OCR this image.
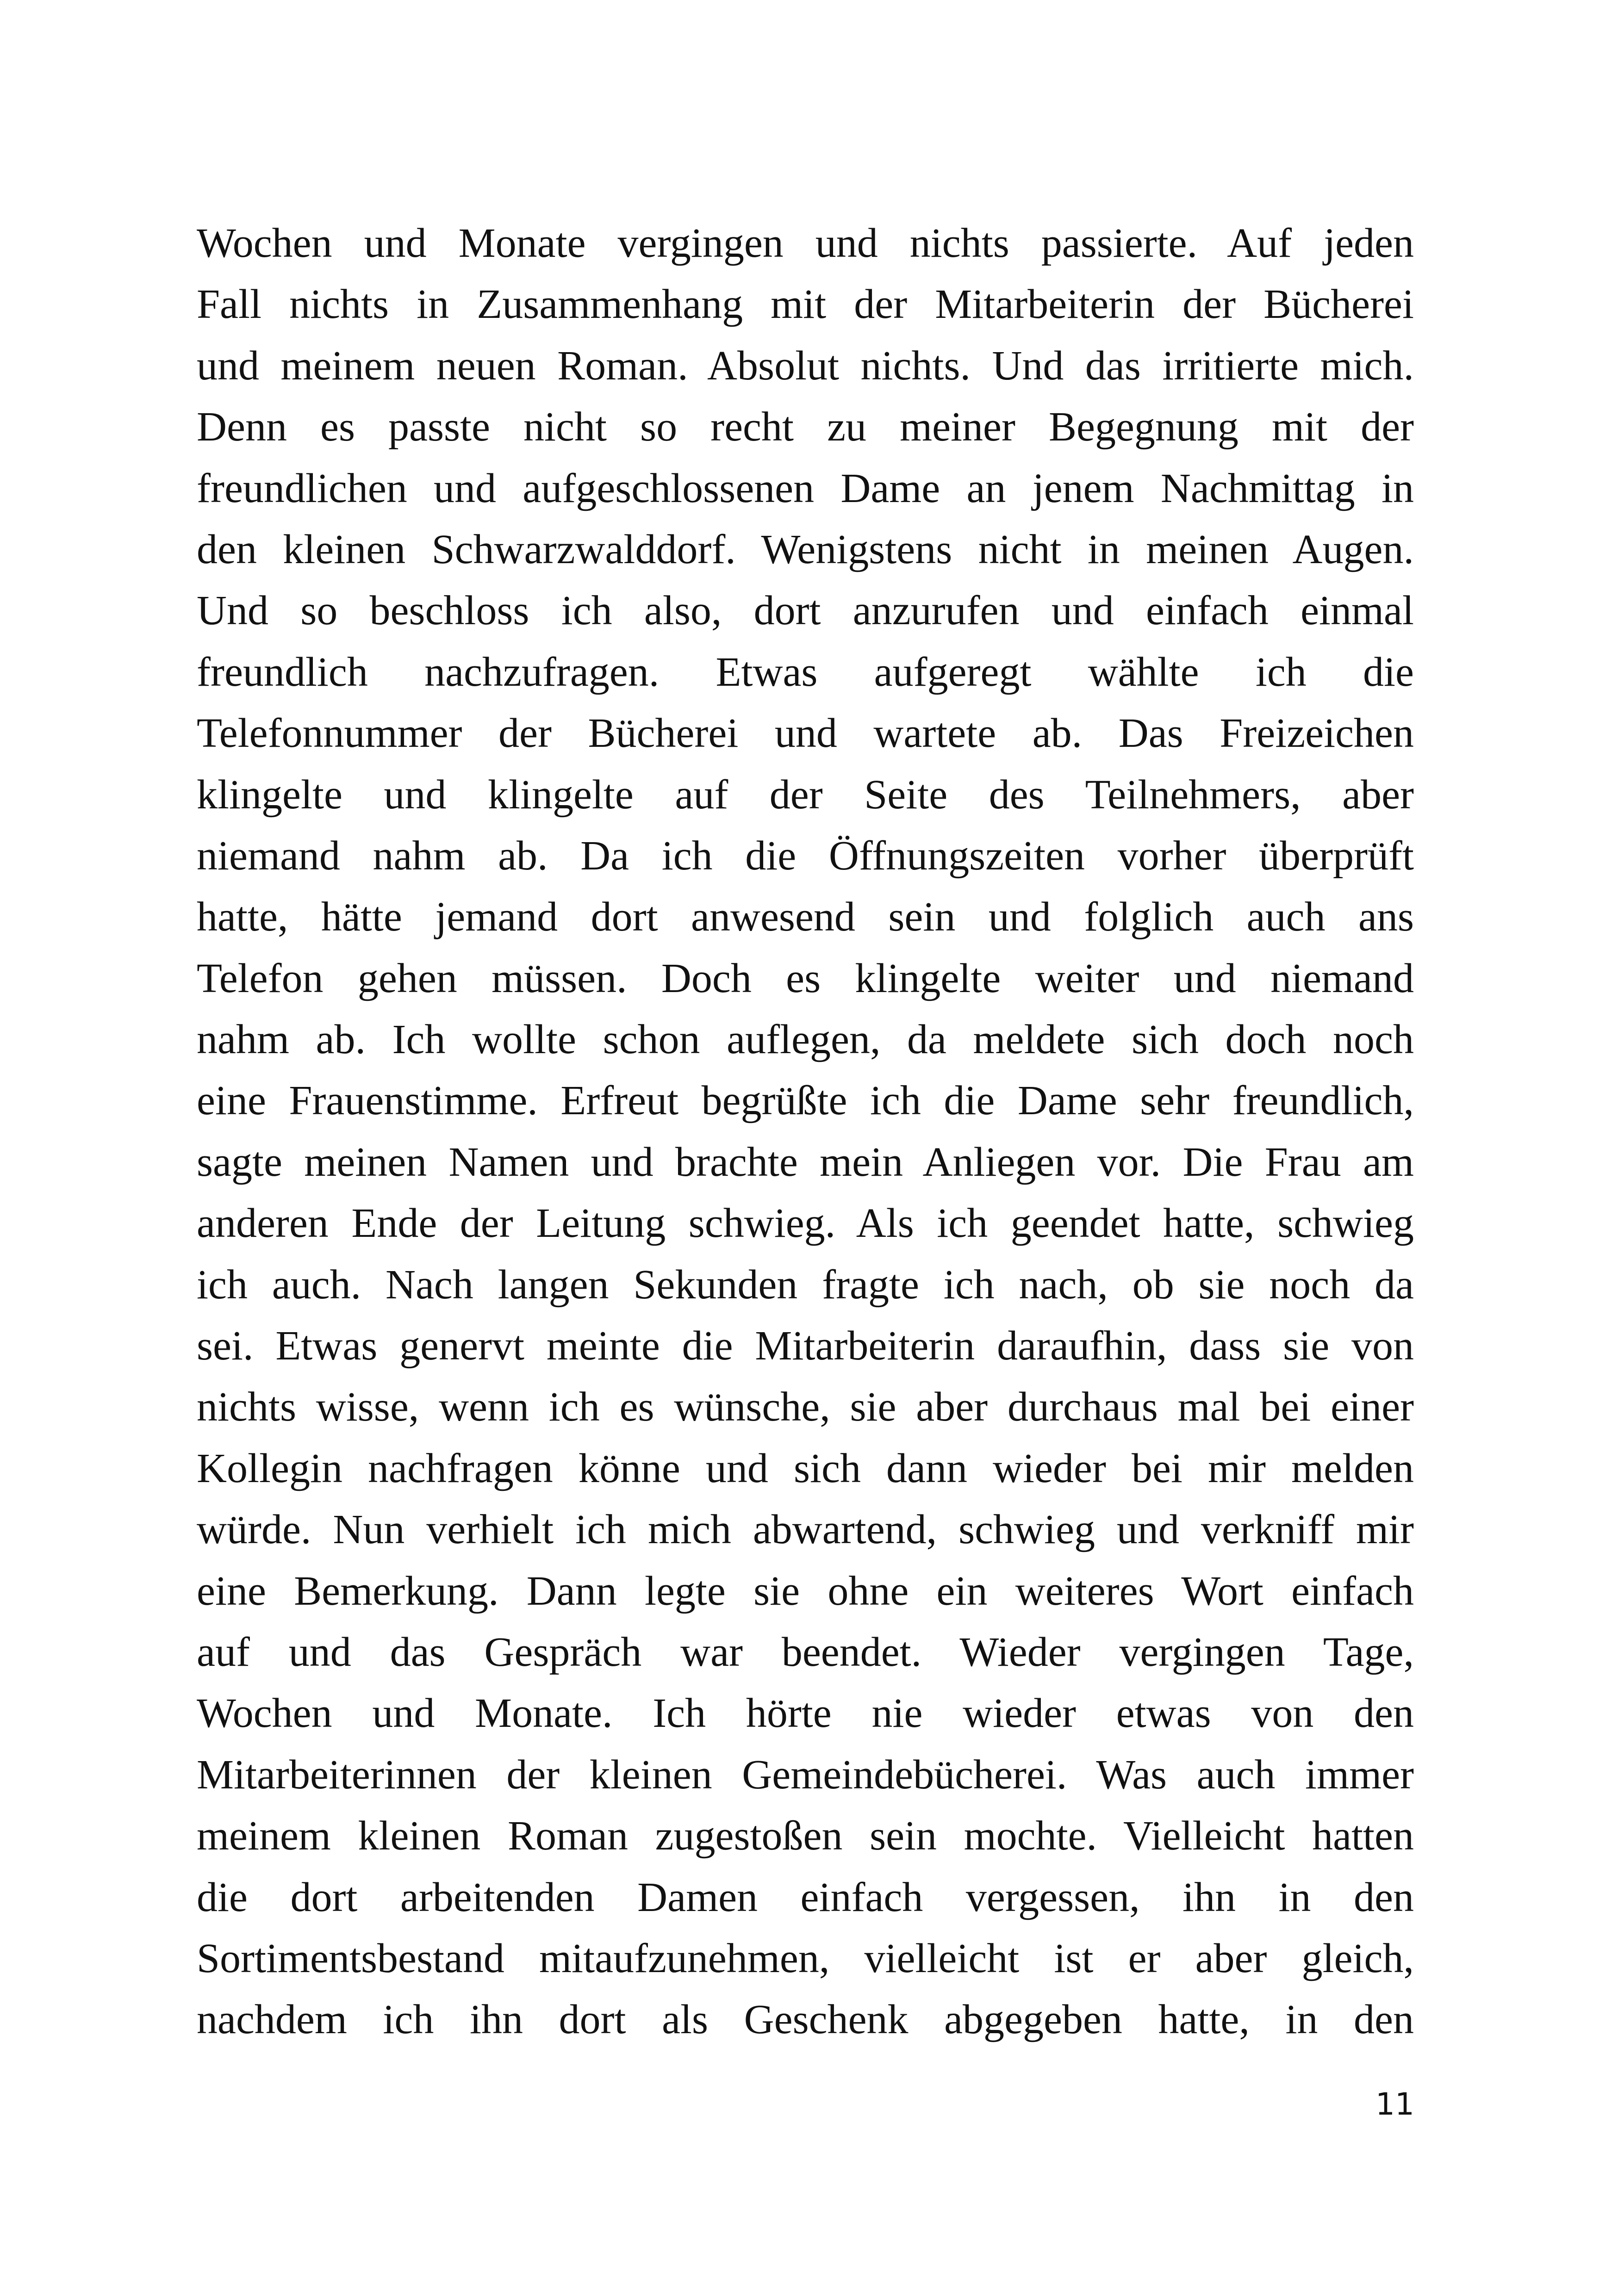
Wochen und Monate vergingen und nichts passierte. Auf jeden
Fall nichts in Zusammenhang mit der Mitarbeiterin der Bücherei
und meinem neuen Roman. Absolut nichts. Und das irritierte mich.
Denn es passte nicht so recht zu meiner Begegnung mit der
freundlichen und aufgeschlossenen Dame an jenem Nachmittag in
den kleinen Schwarzwalddorf. Wenigstens nicht in meinen Augen.
Und so beschloss ich also, dort anzurufen und einfach einmal
freundlich nachzufragen. Etwas aufgeregt wählte ich die
Telefonnummer der Bücherei und wartete ab. Das Freizeichen
klingelte und klingelte auf der Seite des Teilnehmers, aber
niemand nahm ab. Da ich die Öffnungszeiten vorher überprüft
hatte, hätte jemand dort anwesend sein und folglich auch ans
Telefon gehen müssen. Doch es klingelte weiter und niemand
nahm ab. Ich wollte schon auflegen, da meldete sich doch noch
eine Frauenstimme. Erfreut begrüßte ich die Dame sehr freundlich,
sagte meinen Namen und brachte mein Anliegen vor. Die Frau am
anderen Ende der Leitung schwieg. Als ich geendet hatte, schwieg
ich auch. Nach langen Sekunden fragte ich nach, ob sie noch da
sei. Etwas genervt meinte die Mitarbeiterin daraufhin, dass sie von
nichts wisse, wenn ich es wünsche, sie aber durchaus mal bei einer
Kollegin nachfragen könne und sich dann wieder bei mir melden
würde. Nun verhielt ich mich abwartend, schwieg und verkniff mir
eine Bemerkung. Dann legte sie ohne ein weiteres Wort einfach
auf und das Gespräch war beendet. Wieder vergingen Tage,
Wochen und Monate. Ich hörte nie wieder etwas von den
Mitarbeiterinnen der kleinen Gemeindebücherei. Was auch immer
meinem kleinen Roman zugestoßen sein mochte. Vielleicht hatten
die dort arbeitenden Damen einfach vergessen, ihn in den
Sortimentsbestand mitaufzunehmen, vielleicht ist er aber gleich,
nachdem ich ihn dort als Geschenk abgegeben hatte, in den
11
